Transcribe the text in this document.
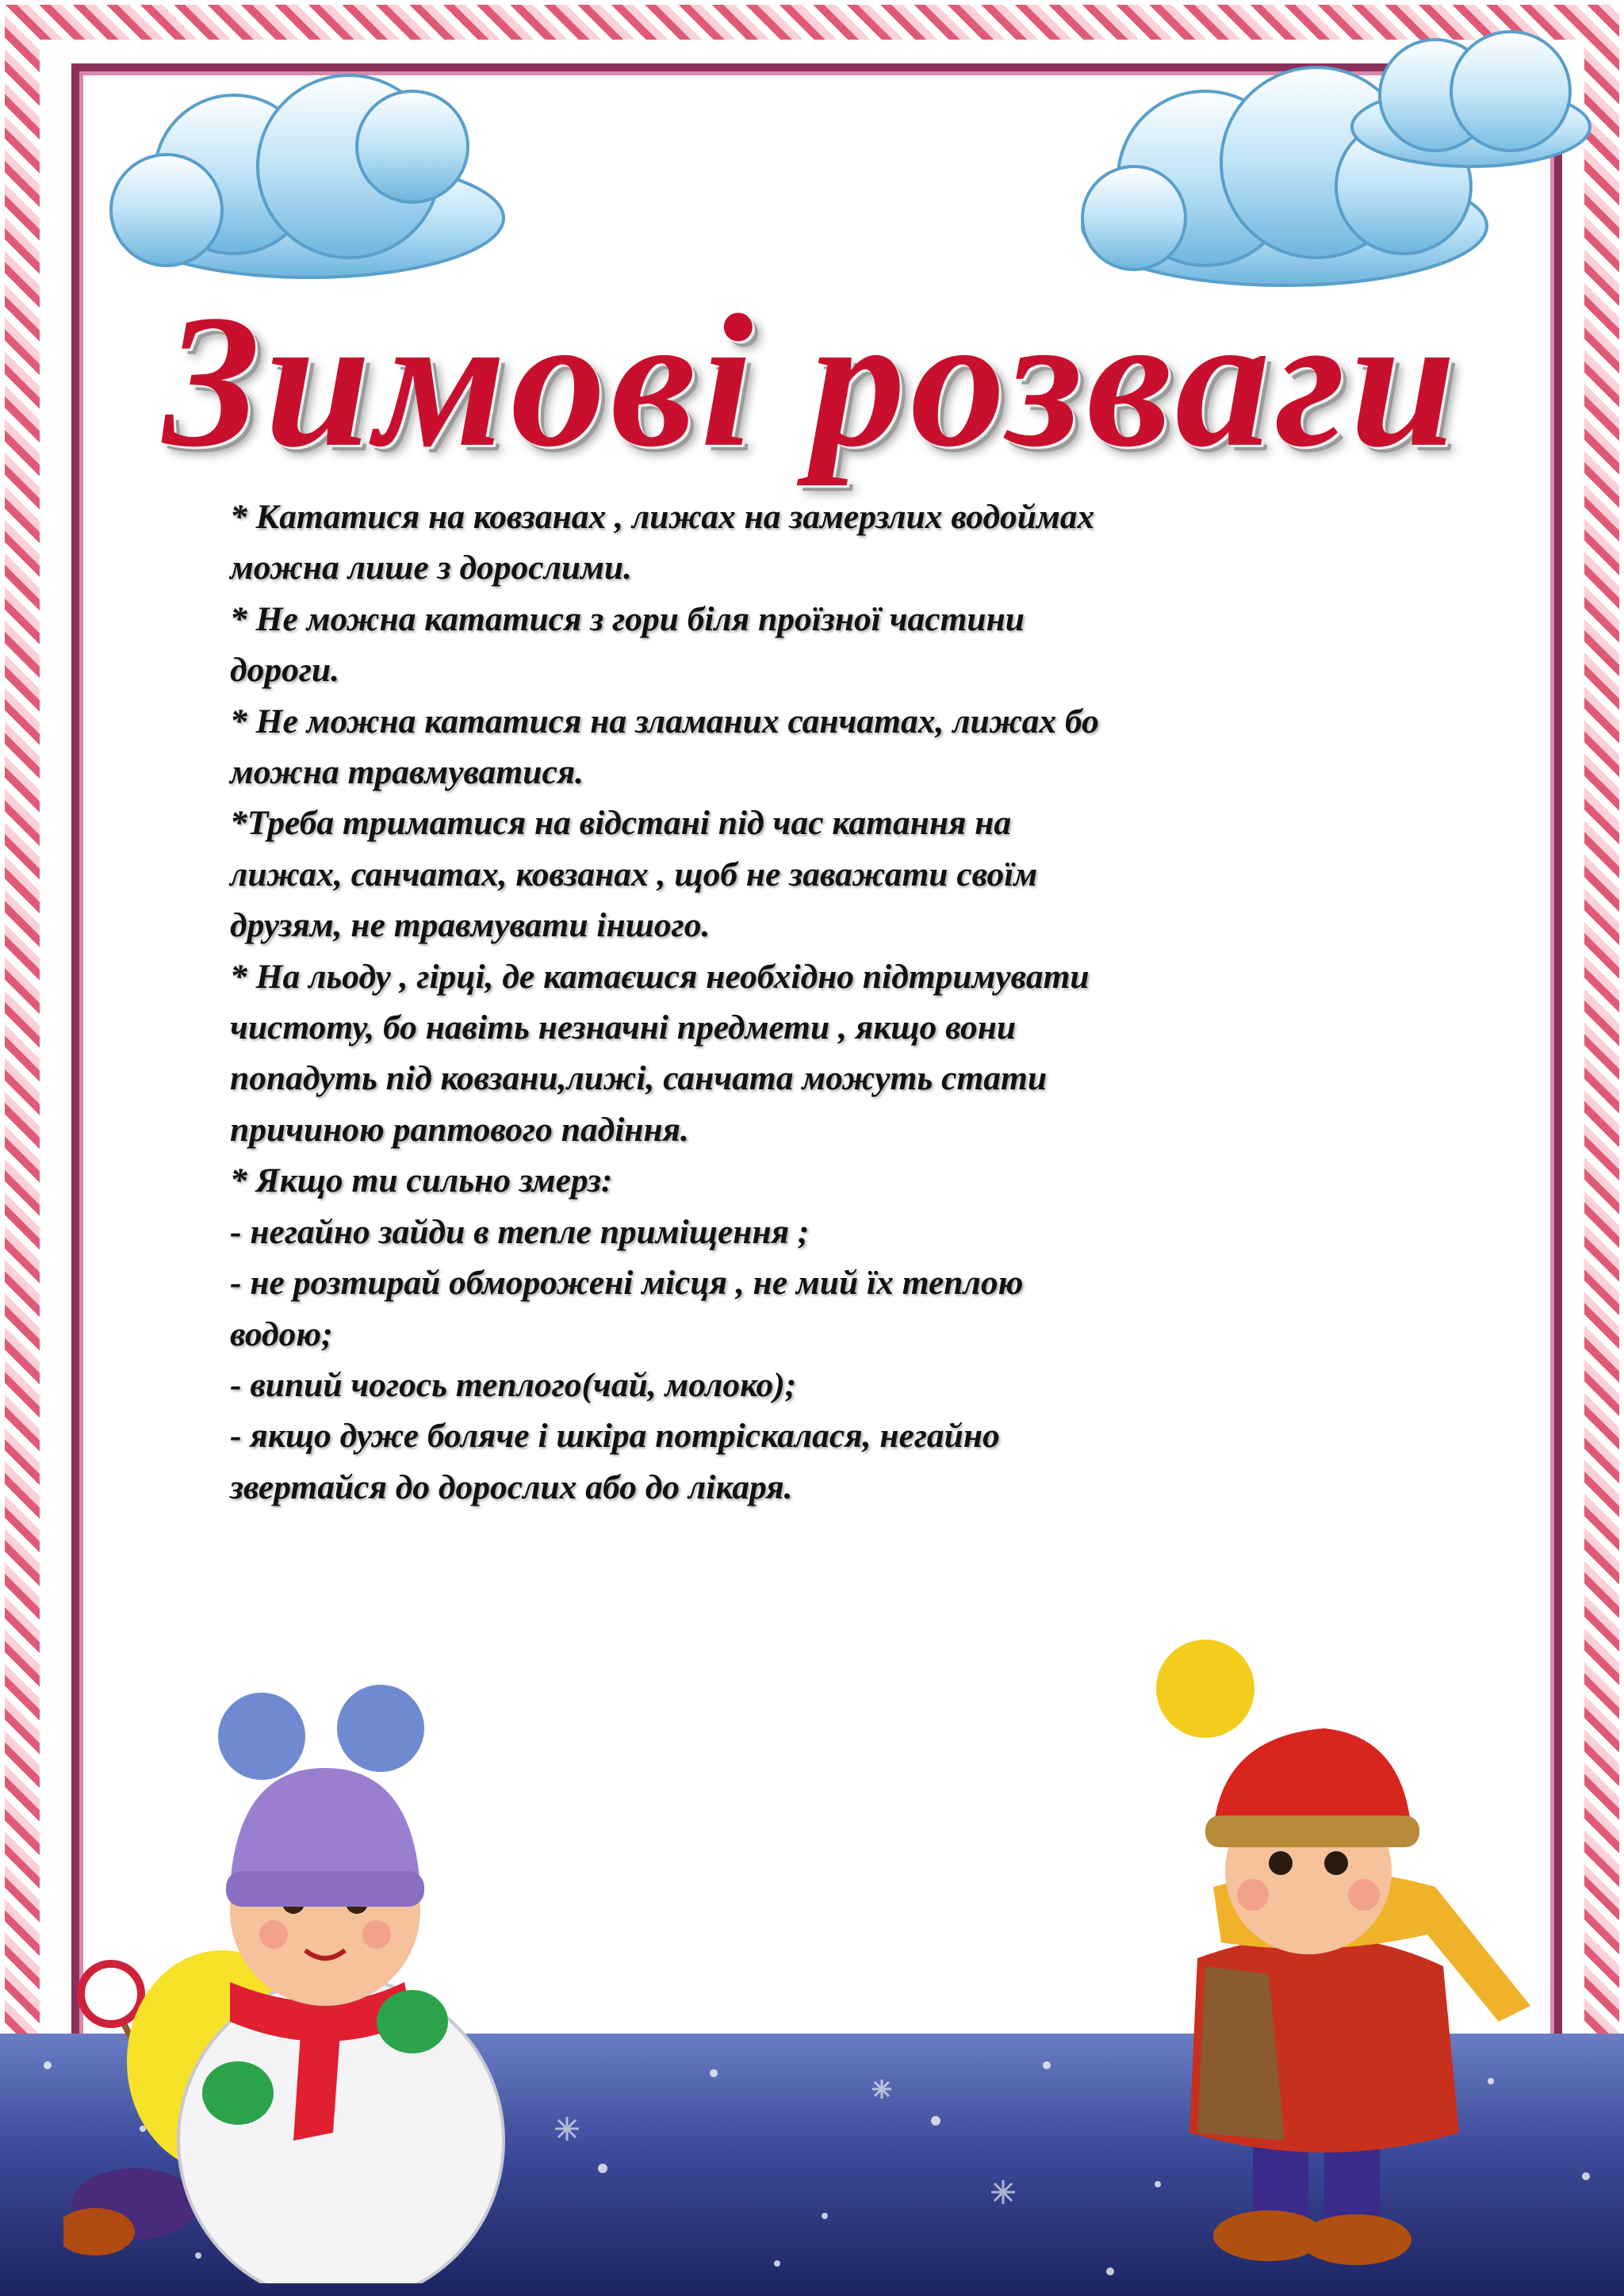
Зимові розваги
* Кататися на ковзанах , лижах на замерзлих водоймах
можна лише з дорослими.
* Не можна кататися з гори біля проїзної частини
дороги.
* Не можна кататися на зламаних санчатах, лижах бо
можна травмуватися.
*Треба триматися на відстані під час катання на
лижах, санчатах, ковзанах , щоб не заважати своїм
друзям, не травмувати іншого.
* На льоду , гірці, де катаєшся необхідно підтримувати
чистоту, бо навіть незначні предмети , якщо вони
попадуть під ковзани,лижі, санчата можуть стати
причиною раптового падіння.
* Якщо ти сильно змерз:
- негайно зайди в тепле приміщення ;
- не розтирай обморожені місця , не мий їх теплою
водою;
- випий чогось теплого(чай, молоко);
- якщо дуже боляче і шкіра потріскалася, негайно
звертайся до дорослих або до лікаря.
